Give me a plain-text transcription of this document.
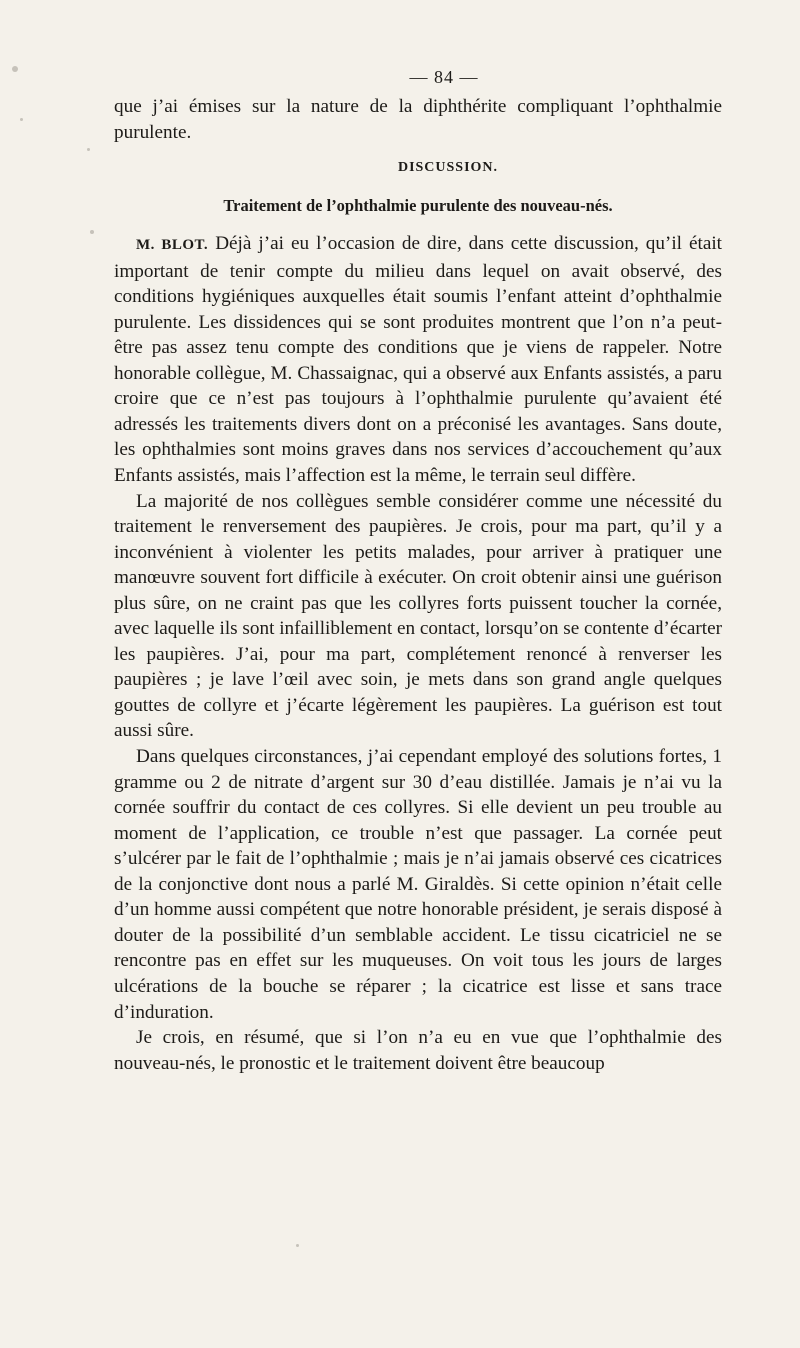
— 84 —

que j’ai émises sur la nature de la diphthérite compliquant l’ophthalmie purulente.

DISCUSSION.
Traitement de l’ophthalmie purulente des nouveau-nés.

M. BLOT. Déjà j’ai eu l’occasion de dire, dans cette discussion, qu’il était important de tenir compte du milieu dans lequel on avait observé, des conditions hygiéniques auxquelles était soumis l’enfant atteint d’ophthalmie purulente. Les dissidences qui se sont produites montrent que l’on n’a peut-être pas assez tenu compte des conditions que je viens de rappeler. Notre honorable collègue, M. Chassaignac, qui a observé aux Enfants assistés, a paru croire que ce n’est pas toujours à l’ophthalmie purulente qu’avaient été adressés les traitements divers dont on a préconisé les avantages. Sans doute, les ophthalmies sont moins graves dans nos services d’accouchement qu’aux Enfants assistés, mais l’affection est la même, le terrain seul diffère.

La majorité de nos collègues semble considérer comme une nécessité du traitement le renversement des paupières. Je crois, pour ma part, qu’il y a inconvénient à violenter les petits malades, pour arriver à pratiquer une manœuvre souvent fort difficile à exécuter. On croit obtenir ainsi une guérison plus sûre, on ne craint pas que les collyres forts puissent toucher la cornée, avec laquelle ils sont infailliblement en contact, lorsqu’on se contente d’écarter les paupières. J’ai, pour ma part, complétement renoncé à renverser les paupières ; je lave l’œil avec soin, je mets dans son grand angle quelques gouttes de collyre et j’écarte légèrement les paupières. La guérison est tout aussi sûre.

Dans quelques circonstances, j’ai cependant employé des solutions fortes, 1 gramme ou 2 de nitrate d’argent sur 30 d’eau distillée. Jamais je n’ai vu la cornée souffrir du contact de ces collyres. Si elle devient un peu trouble au moment de l’application, ce trouble n’est que passager. La cornée peut s’ulcérer par le fait de l’ophthalmie ; mais je n’ai jamais observé ces cicatrices de la conjonctive dont nous a parlé M. Giraldès. Si cette opinion n’était celle d’un homme aussi compétent que notre honorable président, je serais disposé à douter de la possibilité d’un semblable accident. Le tissu cicatriciel ne se rencontre pas en effet sur les muqueuses. On voit tous les jours de larges ulcérations de la bouche se réparer ; la cicatrice est lisse et sans trace d’induration.

Je crois, en résumé, que si l’on n’a eu en vue que l’ophthalmie des nouveau-nés, le pronostic et le traitement doivent être beaucoup
